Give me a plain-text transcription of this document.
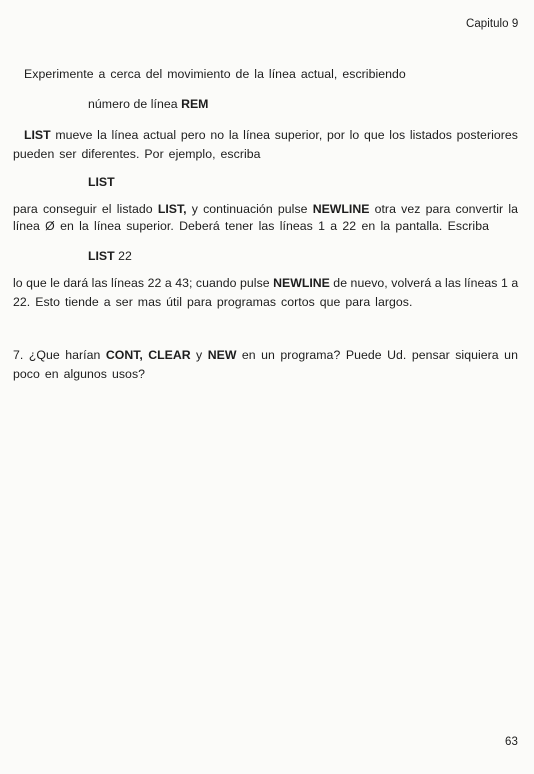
Capitulo 9
Experimente a cerca del movimiento de la línea actual, escribiendo
número de línea REM
LIST mueve la línea actual pero no la línea superior, por lo que los listados posteriores
pueden ser diferentes. Por ejemplo, escriba
LIST
para conseguir el listado LIST, y continuación pulse NEWLINE otra vez para convertir la
línea Ø en la línea superior. Deberá tener las líneas 1 a 22 en la pantalla. Escriba
LIST 22
lo que le dará las líneas 22 a 43; cuando pulse NEWLINE de nuevo, volverá a las líneas 1 a
22. Esto tiende a ser mas útil para programas cortos que para largos.
7. ¿Que harían CONT, CLEAR y NEW en un programa? Puede Ud. pensar siquiera un
poco en algunos usos?
63
